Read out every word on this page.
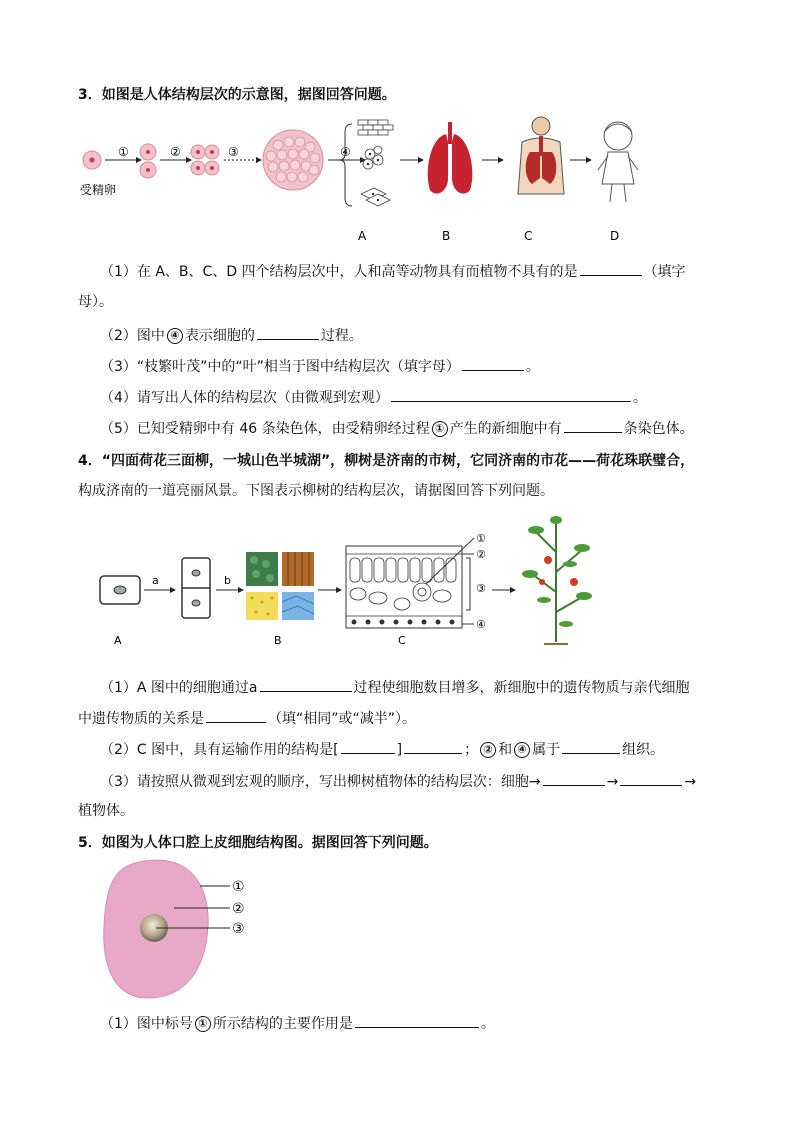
3．如图是人体结构层次的示意图，据图回答问题。
受精卵
①	②	③	④
A	B	C	D
（1）在 A、B、C、D 四个结构层次中，人和高等动物具有而植物不具有的是	（填字
母）。
（2）图中 ④ 表示细胞的	过程。
（3）“枝繁叶茂”中的“叶”相当于图中结构层次（填字母）	。
（4）请写出人体的结构层次（由微观到宏观）	。
（5）已知受精卵中有 46 条染色体，由受精卵经过程 ① 产生的新细胞中有	条染色体。
4．“四面荷花三面柳，一城山色半城湖”，柳树是济南的市树，它同济南的市花——荷花珠联璧合，
构成济南的一道亮丽风景。下图表示柳树的结构层次，请据图回答下列问题。
a
A
b
B	C
①
②
③
④
（1）A 图中的细胞通过a	过程使细胞数目增多，新细胞中的遗传物质与亲代细胞
中遗传物质的关系是	（填“相同”或“减半”）。
（2）C 图中，具有运输作用的结构是[	]	； ② 和 ④ 属于	组织。
（3）请按照从微观到宏观的顺序，写出柳树植物体的结构层次：细胞→	→	→
植物体。
5．如图为人体口腔上皮细胞结构图。据图回答下列问题。
①
②
③
（1）图中标号 ① 所示结构的主要作用是	。
